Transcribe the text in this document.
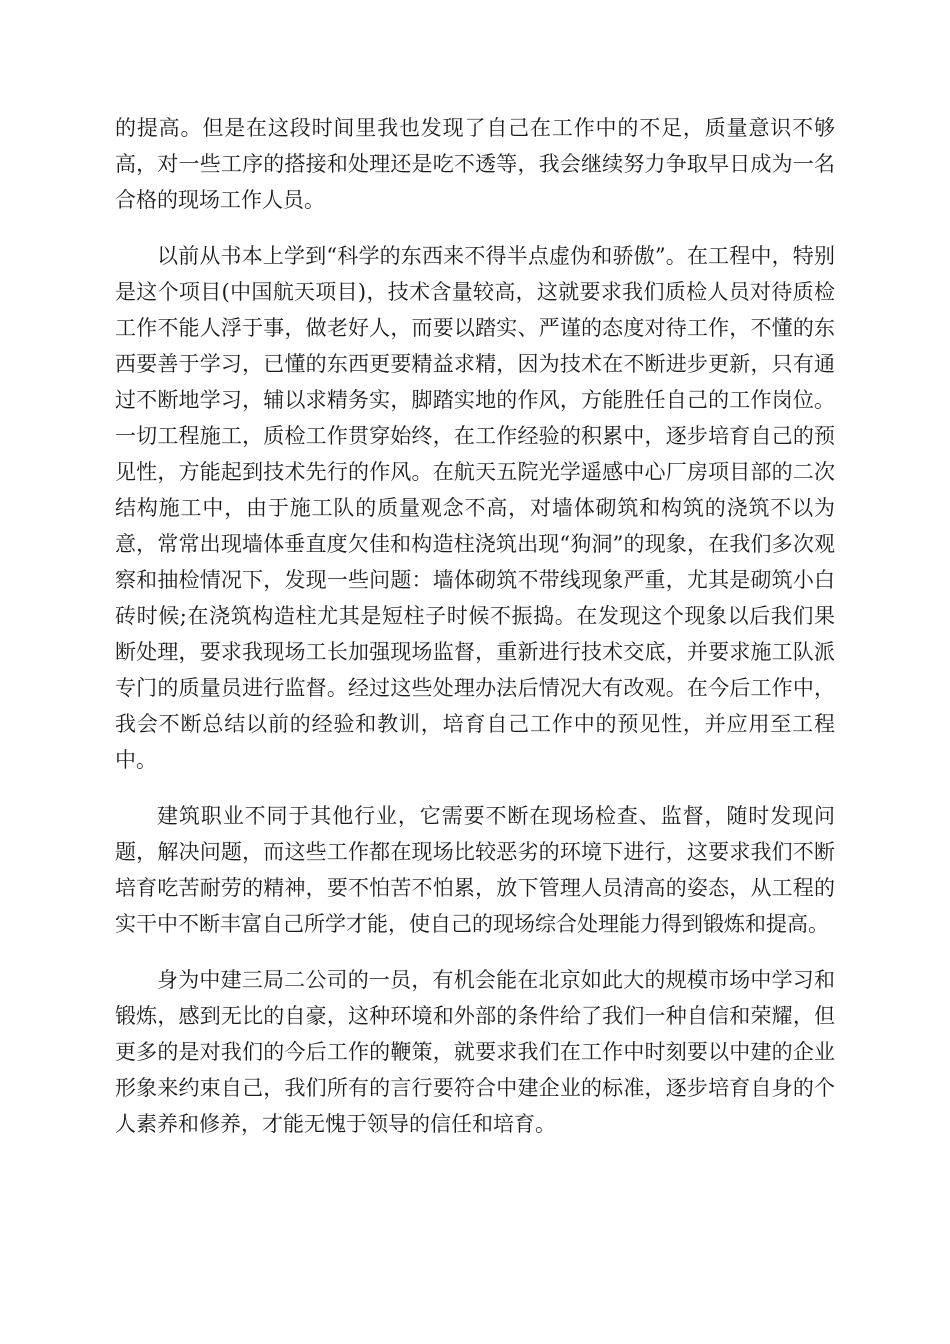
的提高。但是在这段时间里我也发现了自己在工作中的不足，质量意识不够高，对一些工序的搭接和处理还是吃不透等，我会继续努力争取早日成为一名合格的现场工作人员。

以前从书本上学到“科学的东西来不得半点虚伪和骄傲”。在工程中，特别是这个项目(中国航天项目)，技术含量较高，这就要求我们质检人员对待质检工作不能人浮于事，做老好人，而要以踏实、严谨的态度对待工作，不懂的东西要善于学习，已懂的东西更要精益求精，因为技术在不断进步更新，只有通过不断地学习，辅以求精务实，脚踏实地的作风，方能胜任自己的工作岗位。一切工程施工，质检工作贯穿始终，在工作经验的积累中，逐步培育自己的预见性，方能起到技术先行的作风。在航天五院光学遥感中心厂房项目部的二次结构施工中，由于施工队的质量观念不高，对墙体砌筑和构筑的浇筑不以为意，常常出现墙体垂直度欠佳和构造柱浇筑出现“狗洞”的现象，在我们多次观察和抽检情况下，发现一些问题：墙体砌筑不带线现象严重，尤其是砌筑小白砖时候;在浇筑构造柱尤其是短柱子时候不振捣。在发现这个现象以后我们果断处理，要求我现场工长加强现场监督，重新进行技术交底，并要求施工队派专门的质量员进行监督。经过这些处理办法后情况大有改观。在今后工作中，我会不断总结以前的经验和教训，培育自己工作中的预见性，并应用至工程中。

建筑职业不同于其他行业，它需要不断在现场检查、监督，随时发现问题，解决问题，而这些工作都在现场比较恶劣的环境下进行，这要求我们不断培育吃苦耐劳的精神，要不怕苦不怕累，放下管理人员清高的姿态，从工程的实干中不断丰富自己所学才能，使自己的现场综合处理能力得到锻炼和提高。

身为中建三局二公司的一员，有机会能在北京如此大的规模市场中学习和锻炼，感到无比的自豪，这种环境和外部的条件给了我们一种自信和荣耀，但更多的是对我们的今后工作的鞭策，就要求我们在工作中时刻要以中建的企业形象来约束自己，我们所有的言行要符合中建企业的标准，逐步培育自身的个人素养和修养，才能无愧于领导的信任和培育。
